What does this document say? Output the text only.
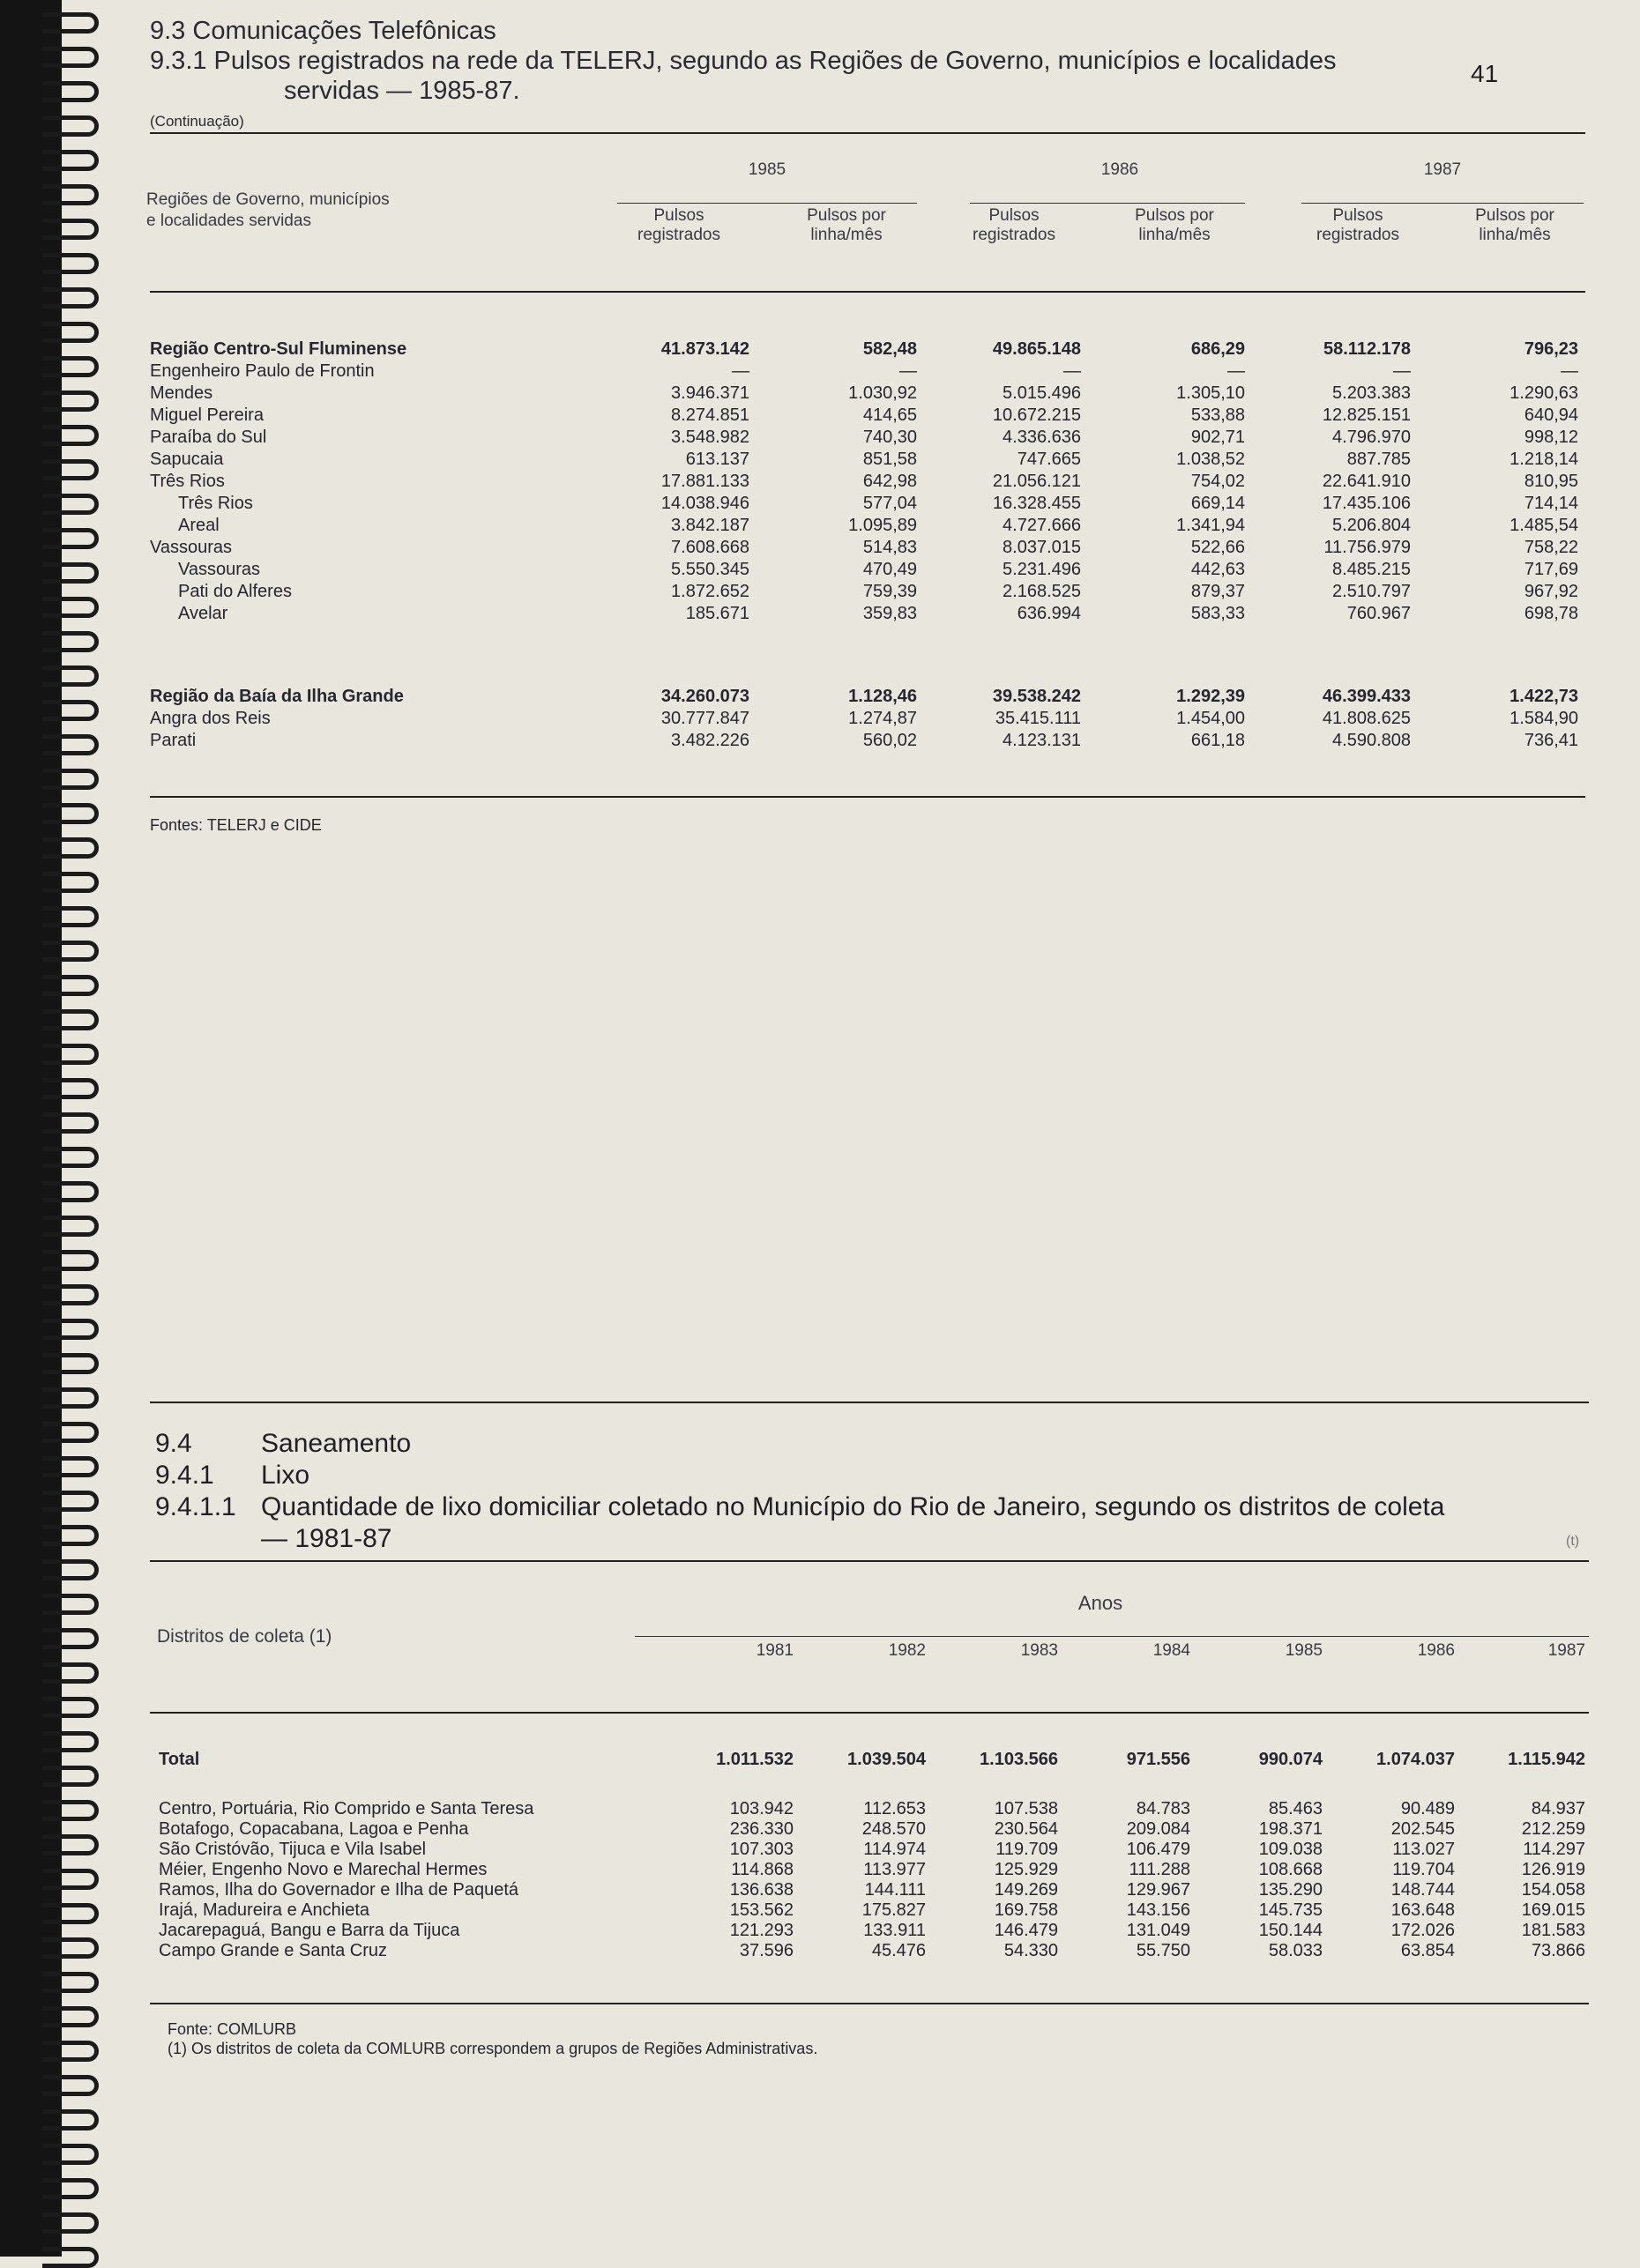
41
9.3 Comunicações Telefônicas
9.3.1 Pulsos registrados na rede da TELERJ, segundo as Regiões de Governo, municípios e localidades
servidas — 1985-87.
(Continuação)
Regiões de Governo, municípios
e localidades servidas
1985	1986	1987
Pulsos
registrados
Pulsos por
linha/mês
Pulsos
registrados
Pulsos por
linha/mês
Pulsos
registrados
Pulsos por
linha/mês
Região Centro-Sul Fluminense	41.873.142	582,48	49.865.148	686,29	58.112.178	796,23
Engenheiro Paulo de Frontin	—	—	—	—	—	—
Mendes	3.946.371	1.030,92	5.015.496	1.305,10	5.203.383	1.290,63
Miguel Pereira	8.274.851	414,65	10.672.215	533,88	12.825.151	640,94
Paraíba do Sul	3.548.982	740,30	4.336.636	902,71	4.796.970	998,12
Sapucaia	613.137	851,58	747.665	1.038,52	887.785	1.218,14
Três Rios	17.881.133	642,98	21.056.121	754,02	22.641.910	810,95
Três Rios	14.038.946	577,04	16.328.455	669,14	17.435.106	714,14
Areal	3.842.187	1.095,89	4.727.666	1.341,94	5.206.804	1.485,54
Vassouras	7.608.668	514,83	8.037.015	522,66	11.756.979	758,22
Vassouras	5.550.345	470,49	5.231.496	442,63	8.485.215	717,69
Pati do Alferes	1.872.652	759,39	2.168.525	879,37	2.510.797	967,92
Avelar	185.671	359,83	636.994	583,33	760.967	698,78
Região da Baía da Ilha Grande	34.260.073	1.128,46	39.538.242	1.292,39	46.399.433	1.422,73
Angra dos Reis	30.777.847	1.274,87	35.415.111	1.454,00	41.808.625	1.584,90
Parati	3.482.226	560,02	4.123.131	661,18	4.590.808	736,41
Fontes: TELERJ e CIDE
9.4	Saneamento
9.4.1 Lixo
9.4.1.1 Quantidade de lixo domiciliar coletado no Município do Rio de Janeiro, segundo os distritos de coleta
— 1981-87	(t)
Distritos de coleta (1)
Anos
1981	1982	1983	1984	1985	1986	1987
Total	1.011.532	1.039.504	1.103.566	971.556	990.074	1.074.037	1.115.942
Centro, Portuária, Rio Comprido e Santa Teresa	103.942	112.653	107.538	84.783	85.463	90.489	84.937
Botafogo, Copacabana, Lagoa e Penha	236.330	248.570	230.564	209.084	198.371	202.545	212.259
São Cristóvão, Tijuca e Vila Isabel	107.303	114.974	119.709	106.479	109.038	113.027	114.297
Méier, Engenho Novo e Marechal Hermes	114.868	113.977	125.929	111.288	108.668	119.704	126.919
Ramos, Ilha do Governador e Ilha de Paquetá	136.638	144.111	149.269	129.967	135.290	148.744	154.058
Irajá, Madureira e Anchieta	153.562	175.827	169.758	143.156	145.735	163.648	169.015
Jacarepaguá, Bangu e Barra da Tijuca	121.293	133.911	146.479	131.049	150.144	172.026	181.583
Campo Grande e Santa Cruz	37.596	45.476	54.330	55.750	58.033	63.854	73.866
Fonte: COMLURB
(1) Os distritos de coleta da COMLURB correspondem a grupos de Regiões Administrativas.
